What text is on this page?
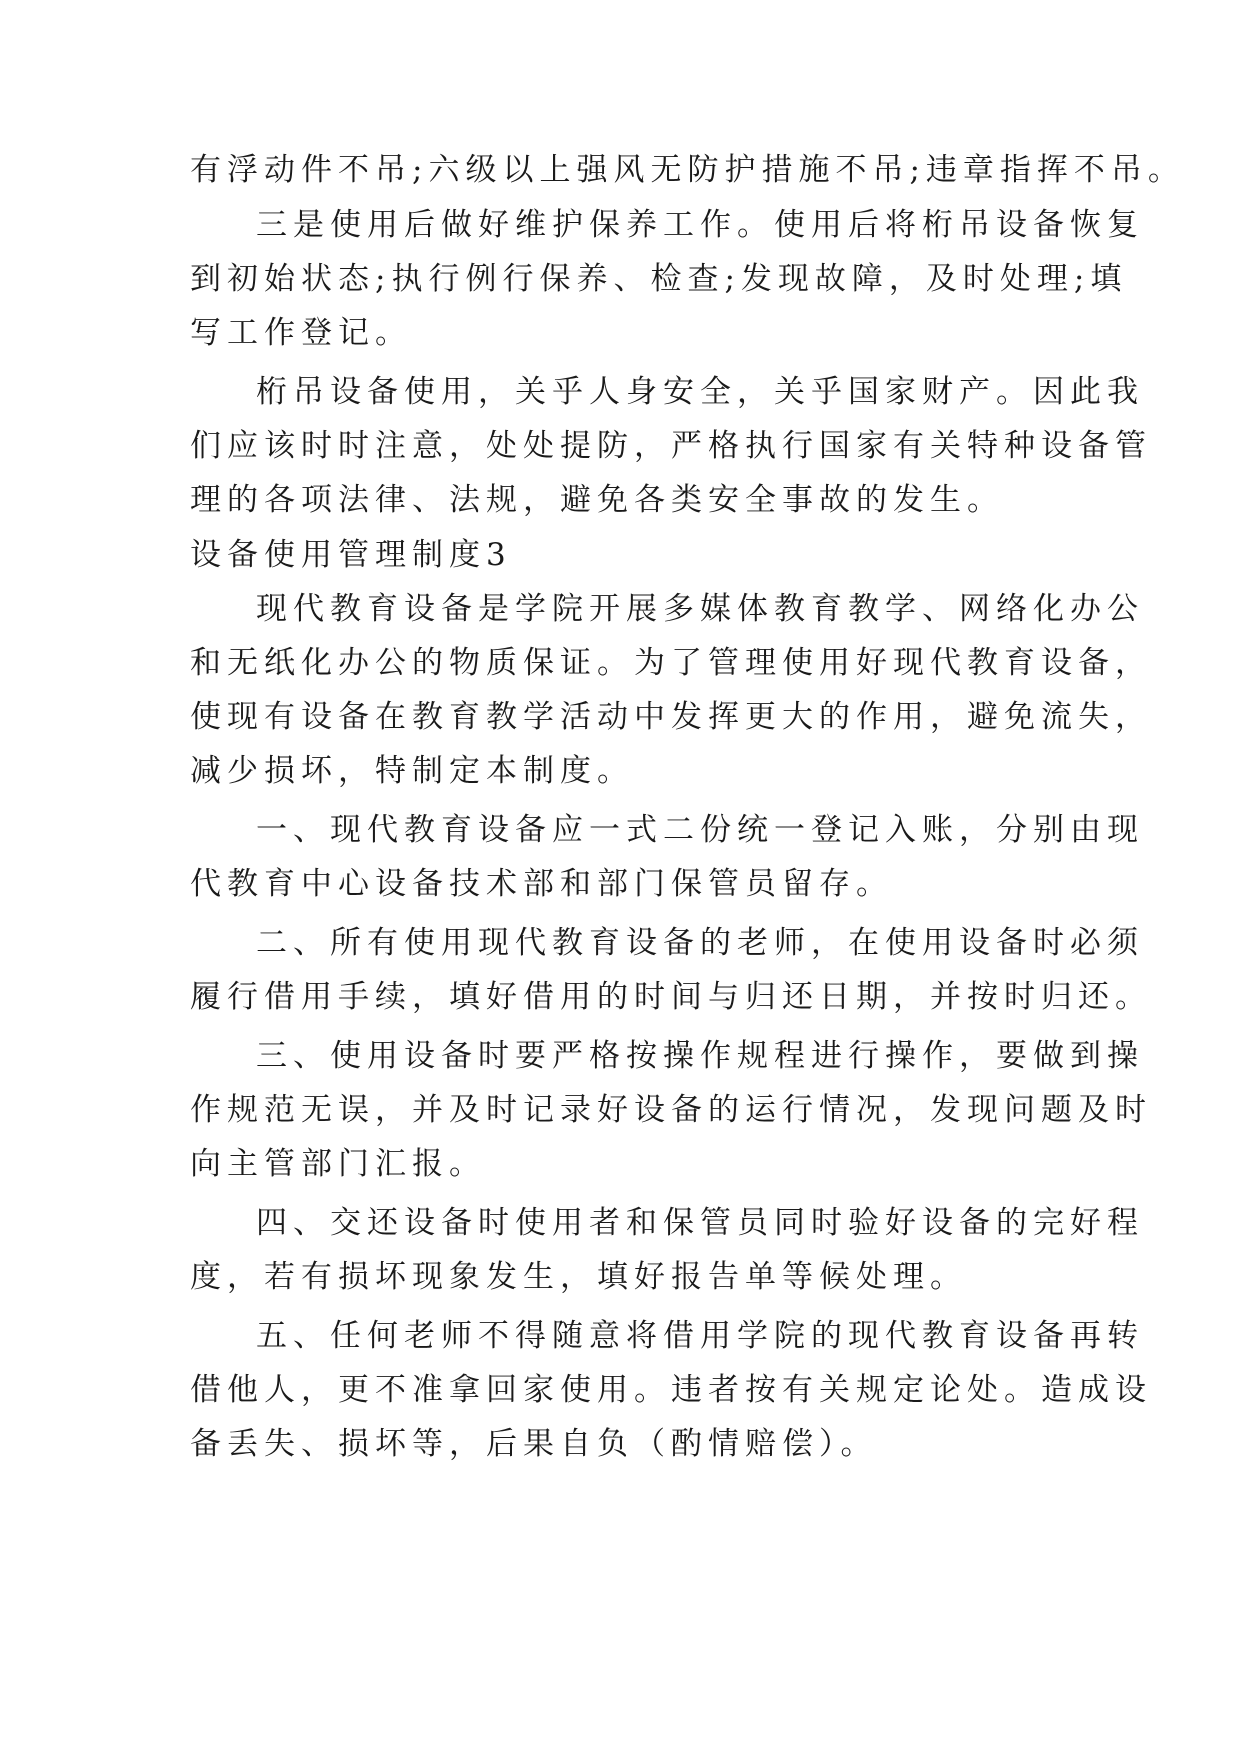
有浮动件不吊;六级以上强风无防护措施不吊;违章指挥不吊。
三是使用后做好维护保养工作。使用后将桁吊设备恢复
到初始状态;执行例行保养、检查;发现故障，及时处理;填
写工作登记。
桁吊设备使用，关乎人身安全，关乎国家财产。因此我
们应该时时注意，处处提防，严格执行国家有关特种设备管
理的各项法律、法规，避免各类安全事故的发生。
设备使用管理制度3
现代教育设备是学院开展多媒体教育教学、网络化办公
和无纸化办公的物质保证。为了管理使用好现代教育设备，
使现有设备在教育教学活动中发挥更大的作用，避免流失，
减少损坏，特制定本制度。
一、现代教育设备应一式二份统一登记入账，分别由现
代教育中心设备技术部和部门保管员留存。
二、所有使用现代教育设备的老师，在使用设备时必须
履行借用手续，填好借用的时间与归还日期，并按时归还。
三、使用设备时要严格按操作规程进行操作，要做到操
作规范无误，并及时记录好设备的运行情况，发现问题及时
向主管部门汇报。
四、交还设备时使用者和保管员同时验好设备的完好程
度，若有损坏现象发生，填好报告单等候处理。
五、任何老师不得随意将借用学院的现代教育设备再转
借他人，更不准拿回家使用。违者按有关规定论处。造成设
备丢失、损坏等，后果自负（酌情赔偿）。
